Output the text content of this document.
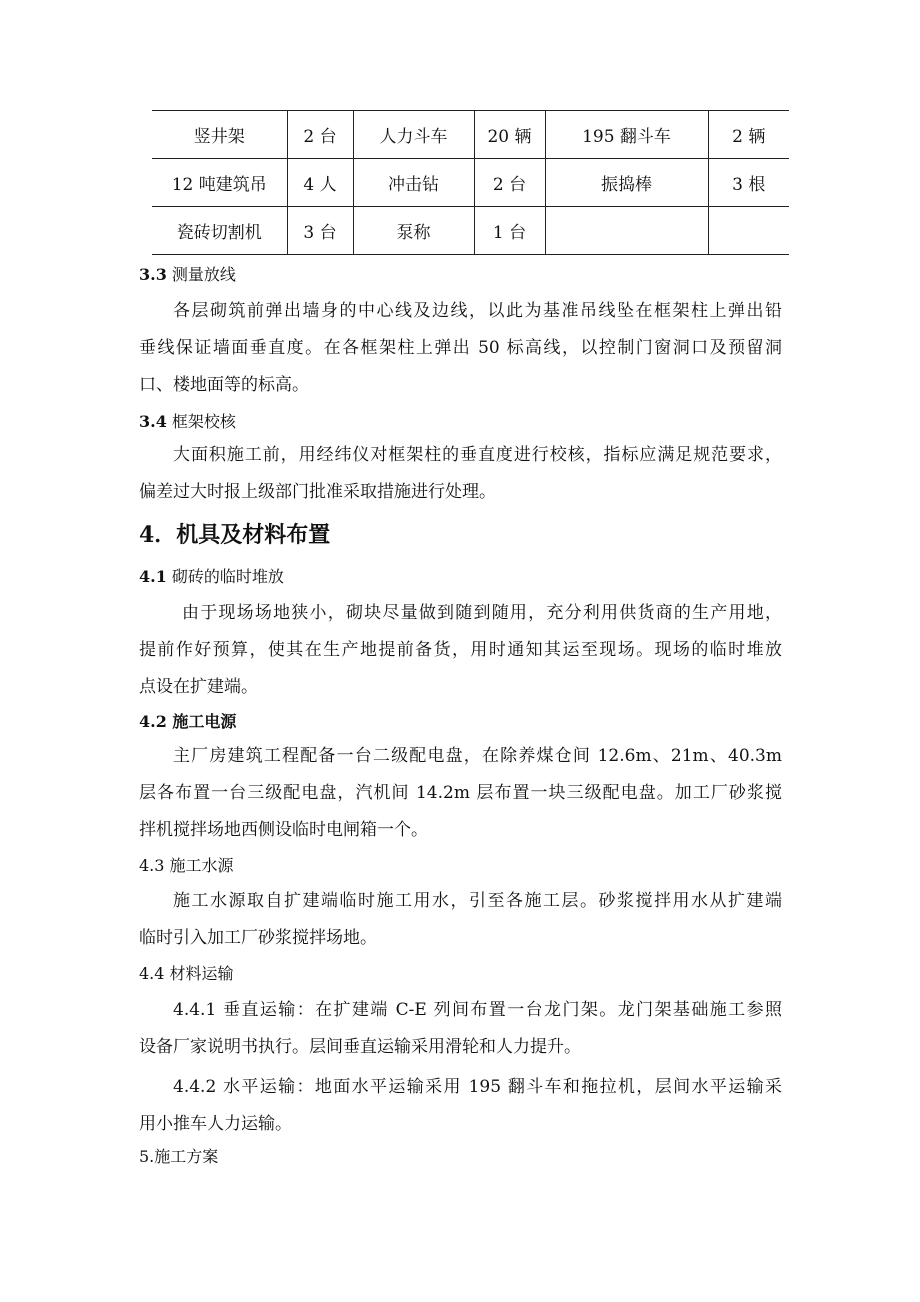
竖井架	2 台	人力斗车	20 辆	195 翻斗车	2 辆
12 吨建筑吊	4 人	冲击钻	2 台	振捣棒	3 根
瓷砖切割机	3 台	泵称	1 台		
3.3 测量放线
各层砌筑前弹出墙身的中心线及边线，以此为基准吊线坠在框架柱上弹出铅
垂线保证墙面垂直度。在各框架柱上弹出 50 标高线，以控制门窗洞口及预留洞
口、楼地面等的标高。
3.4 框架校核
大面积施工前，用经纬仪对框架柱的垂直度进行校核，指标应满足规范要求，
偏差过大时报上级部门批准采取措施进行处理。
4．机具及材料布置
4.1 砌砖的临时堆放
由于现场场地狭小，砌块尽量做到随到随用，充分利用供货商的生产用地，
提前作好预算，使其在生产地提前备货，用时通知其运至现场。现场的临时堆放
点设在扩建端。
4.2 施工电源
主厂房建筑工程配备一台二级配电盘，在除养煤仓间 12.6m、21m、40.3m
层各布置一台三级配电盘，汽机间 14.2m 层布置一块三级配电盘。加工厂砂浆搅
拌机搅拌场地西侧设临时电闸箱一个。
4.3 施工水源
施工水源取自扩建端临时施工用水，引至各施工层。砂浆搅拌用水从扩建端
临时引入加工厂砂浆搅拌场地。
4.4 材料运输
4.4.1 垂直运输：在扩建端 C-E 列间布置一台龙门架。龙门架基础施工参照
设备厂家说明书执行。层间垂直运输采用滑轮和人力提升。
4.4.2 水平运输：地面水平运输采用 195 翻斗车和拖拉机，层间水平运输采
用小推车人力运输。
5.施工方案
